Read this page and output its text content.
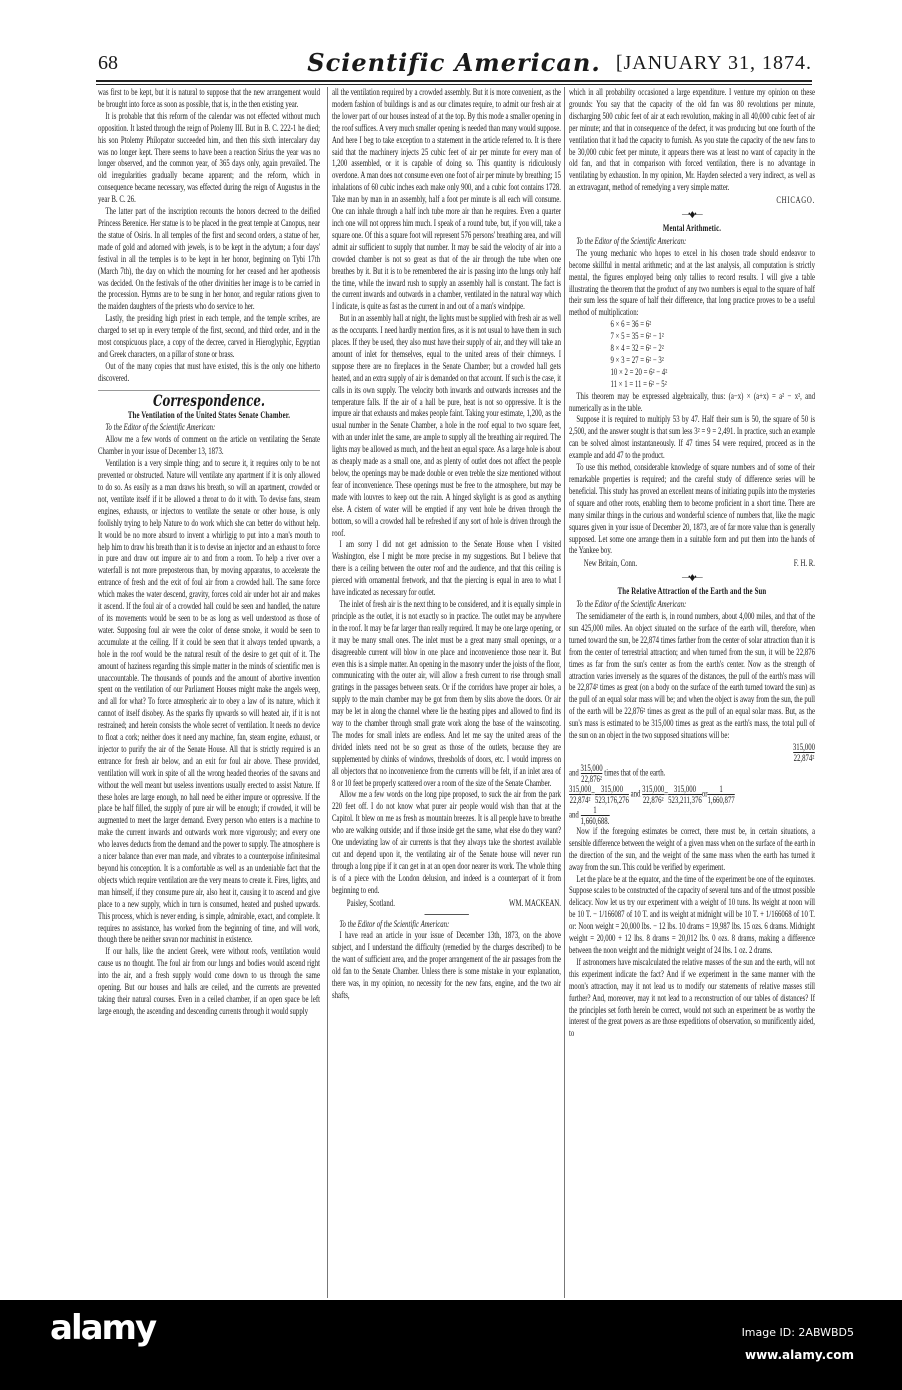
68	Scientific American. [JANUARY 31, 1874.

was first to be kept, but it is natural to suppose that the new arrangement would be brought into force as soon as possible, that is, in the then existing year.

It is probable that this reform of the calendar was not effected without much opposition. It lasted through the reign of Ptolemy III. But in B. C. 222-1 he died; his son Ptolemy Philopator succeeded him, and then this sixth intercalary day was no longer kept. There seems to have been a reaction Sirius the year was no longer observed, and the common year, of 365 days only, again prevailed. The old irregularities gradually became apparent; and the reform, which in consequence became necessary, was effected during the reign of Augustus in the year B. C. 26.

The latter part of the inscription recounts the honors decreed to the deified Princess Berenice. Her statue is to be placed in the great temple at Canopus, near the statue of Osiris. In all temples of the first and second orders, a statue of her, made of gold and adorned with jewels, is to be kept in the adytum; a four days' festival in all the temples is to be kept in her honor, beginning on Tybi 17th (March 7th), the day on which the mourning for her ceased and her apotheosis was decided. On the festivals of the other divinities her image is to be carried in the procession. Hymns are to be sung in her honor, and regular rations given to the maiden daughters of the priests who do service to her.

Lastly, the presiding high priest in each temple, and the temple scribes, are charged to set up in every temple of the first, second, and third order, and in the most conspicuous place, a copy of the decree, carved in Hieroglyphic, Egyptian and Greek characters, on a pillar of stone or brass.

Out of the many copies that must have existed, this is the only one hitherto discovered.

Correspondence.
The Ventilation of the United States Senate Chamber.

To the Editor of the Scientific American:

Allow me a few words of comment on the article on ventilating the Senate Chamber in your issue of December 13, 1873.

Ventilation is a very simple thing; and to secure it, it requires only to be not prevented or obstructed. Nature will ventilate any apartment if it is only allowed to do so. As easily as a man draws his breath, so will an apartment, crowded or not, ventilate itself if it be allowed a throat to do it with. To devise fans, steam engines, exhausts, or injectors to ventilate the senate or other house, is only foolishly trying to help Nature to do work which she can better do without help. It would be no more absurd to invent a whirligig to put into a man's mouth to help him to draw his breath than it is to devise an injector and an exhaust to force in pure and draw out impure air to and from a room. To help a river over a waterfall is not more preposterous than, by moving apparatus, to accelerate the entrance of fresh and the exit of foul air from a crowded hall. The same force which makes the water descend, gravity, forces cold air under hot air and makes it ascend. If the foul air of a crowded hall could be seen and handled, the nature of its movements would be seen to be as long as well understood as those of water. Supposing foul air were the color of dense smoke, it would be seen to accumulate at the ceiling. If it could be seen that it always tended upwards, a hole in the roof would be the natural result of the desire to get quit of it. The amount of haziness regarding this simple matter in the minds of scientific men is unaccountable. The thousands of pounds and the amount of abortive invention spent on the ventilation of our Parliament Houses might make the angels weep, and all for what? To force atmospheric air to obey a law of its nature, which it cannot of itself disobey. As the sparks fly upwards so will heated air, if it is not restrained; and herein consists the whole secret of ventilation. It needs no device to float a cork; neither does it need any machine, fan, steam engine, exhaust, or injector to purify the air of the Senate House. All that is strictly required is an entrance for fresh air below, and an exit for foul air above. These provided, ventilation will work in spite of all the wrong headed theories of the savans and without the well meant but useless inventions usually erected to assist Nature. If these holes are large enough, no hall need be either impure or oppressive. If the place be half filled, the supply of pure air will be enough; if crowded, it will be augmented to meet the larger demand. Every person who enters is a machine to make the current inwards and outwards work more vigorously; and every one who leaves deducts from the demand and the power to supply. The atmosphere is a nicer balance than ever man made, and vibrates to a counterpoise infinitesimal beyond his conception. It is a comfortable as well as an undeniable fact that the objects which require ventilation are the very means to create it. Fires, lights, and man himself, if they consume pure air, also heat it, causing it to ascend and give place to a new supply, which in turn is consumed, heated and pushed upwards. This process, which is never ending, is simple, admirable, exact, and complete. It requires no assistance, has worked from the beginning of time, and will work, though there be neither savan nor machinist in existence.

If our halls, like the ancient Greek, were without roofs, ventilation would cause us no thought. The foul air from our lungs and bodies would ascend right into the air, and a fresh supply would come down to us through the same opening. But our houses and halls are ceiled, and the currents are prevented taking their natural courses. Even in a ceiled chamber, if an open space be left large enough, the ascending and descending currents through it would supply

all the ventilation required by a crowded assembly. But it is more convenient, as the modern fashion of buildings is and as our climates require, to admit our fresh air at the lower part of our houses instead of at the top. By this mode a smaller opening in the roof suffices. A very much smaller opening is needed than many would suppose. And here I beg to take exception to a statement in the article referred to. It is there said that the machinery injects 25 cubic feet of air per minute for every man of 1,200 assembled, or it is capable of doing so. This quantity is ridiculously overdone. A man does not consume even one foot of air per minute by breathing; 15 inhalations of 60 cubic inches each make only 900, and a cubic foot contains 1728. Take man by man in an assembly, half a foot per minute is all each will consume. One can inhale through a half inch tube more air than he requires. Even a quarter inch one will not oppress him much. I speak of a round tube, but, if you will, take a square one. Of this a square foot will represent 576 persons' breathing area, and will admit air sufficient to supply that number. It may be said the velocity of air into a crowded chamber is not so great as that of the air through the tube when one breathes by it. But it is to be remembered the air is passing into the lungs only half the time, while the inward rush to supply an assembly hall is constant. The fact is the current inwards and outwards in a chamber, ventilated in the natural way which I indicate, is quite as fast as the current in and out of a man's windpipe.

But in an assembly hall at night, the lights must be supplied with fresh air as well as the occupants. I need hardly mention fires, as it is not usual to have them in such places. If they be used, they also must have their supply of air, and they will take an amount of inlet for themselves, equal to the united areas of their chimneys. I suppose there are no fireplaces in the Senate Chamber; but a crowded hall gets heated, and an extra supply of air is demanded on that account. If such is the case, it calls in its own supply. The velocity both inwards and outwards increases and the temperature falls. If the air of a hall be pure, heat is not so oppressive. It is the impure air that exhausts and makes people faint. Taking your estimate, 1,200, as the usual number in the Senate Chamber, a hole in the roof equal to two square feet, with an under inlet the same, are ample to supply all the breathing air required. The lights may be allowed as much, and the heat an equal space. As a large hole is about as cheaply made as a small one, and as plenty of outlet does not affect the people below, the openings may be made double or even treble the size mentioned without fear of inconvenience. These openings must be free to the atmosphere, but may be made with louvres to keep out the rain. A hinged skylight is as good as anything else. A cistern of water will be emptied if any vent hole be driven through the bottom, so will a crowded hall be refreshed if any sort of hole is driven through the roof.

I am sorry I did not get admission to the Senate House when I visited Washington, else I might be more precise in my suggestions. But I believe that there is a ceiling between the outer roof and the audience, and that this ceiling is pierced with ornamental fretwork, and that the piercing is equal in area to what I have indicated as necessary for outlet.

The inlet of fresh air is the next thing to be considered, and it is equally simple in principle as the outlet, it is not exactly so in practice. The outlet may be anywhere in the roof. It may be far larger than really required. It may be one large opening, or it may be many small ones. The inlet must be a great many small openings, or a disagreeable current will blow in one place and inconvenience those near it. But even this is a simple matter. An opening in the masonry under the joists of the floor, communicating with the outer air, will allow a fresh current to rise through small gratings in the passages between seats. Or if the corridors have proper air holes, a supply to the main chamber may be got from them by slits above the doors. Or air may be let in along the channel where lie the heating pipes and allowed to find its way to the chamber through small grate work along the base of the wainscoting. The modes for small inlets are endless. And let me say the united areas of the divided inlets need not be so great as those of the outlets, because they are supplemented by chinks of windows, thresholds of doors, etc. I would impress on all objectors that no inconvenience from the currents will be felt, if an inlet area of 8 or 10 feet be properly scattered over a room of the size of the Senate Chamber.

Allow me a few words on the long pipe proposed, to suck the air from the park 220 feet off. I do not know what purer air people would wish than that at the Capitol. It blew on me as fresh as mountain breezes. It is all people have to breathe who are walking outside; and if those inside get the same, what else do they want? One undeviating law of air currents is that they always take the shortest available cut and depend upon it, the ventilating air of the Senate house will never run through a long pipe if it can get in at an open door nearer its work. The whole thing is of a piece with the London delusion, and indeed is a counterpart of it from beginning to end.

Paisley, Scotland.	WM. MACKEAN.

To the Editor of the Scientific American:

I have read an article in your issue of December 13th, 1873, on the above subject, and I understand the difficulty (remedied by the charges described) to be the want of sufficient area, and the proper arrangement of the air passages from the old fan to the Senate Chamber. Unless there is some mistake in your explanation, there was, in my opinion, no necessity for the new fans, engine, and the two air shafts,

which in all probability occasioned a large expenditure. I venture my opinion on these grounds: You say that the capacity of the old fan was 80 revolutions per minute, discharging 500 cubic feet of air at each revolution, making in all 40,000 cubic feet of air per minute; and that in consequence of the defect, it was producing but one fourth of the ventilation that it had the capacity to furnish. As you state the capacity of the new fans to be 30,000 cubic feet per minute, it appears there was at least no want of capacity in the old fan, and that in comparison with forced ventilation, there is no advantage in ventilating by exhaustion. In my opinion, Mr. Hayden selected a very indirect, as well as an extravagant, method of remedying a very simple matter.

CHICAGO.
—•◆•—
Mental Arithmetic.

To the Editor of the Scientific American:

The young mechanic who hopes to excel in his chosen trade should endeavor to become skillful in mental arithmetic; and at the last analysis, all computation is strictly mental, the figures employed being only tallies to record results. I will give a table illustrating the theorem that the product of any two numbers is equal to the square of half their sum less the square of half their difference, that long practice proves to be a useful method of multiplication:

6 × 6 = 36 = 6²
7 × 5 = 35 = 6² − 1²
8 × 4 = 32 = 6² − 2²
9 × 3 = 27 = 6² − 3²
10 × 2 = 20 = 6² − 4²
11 × 1 = 11 = 6² − 5²

This theorem may be expressed algebraically, thus: (a−x) × (a+x) = a² − x², and numerically as in the table.

Suppose it is required to multiply 53 by 47. Half their sum is 50, the square of 50 is 2,500, and the answer sought is that sum less 3² = 9 = 2,491. In practice, such an example can be solved almost instantaneously. If 47 times 54 were required, proceed as in the example and add 47 to the product.

To use this method, considerable knowledge of square numbers and of some of their remarkable properties is required; and the careful study of difference series will be beneficial. This study has proved an excellent means of initiating pupils into the mysteries of square and other roots, enabling them to become proficient in a short time. There are many similar things in the curious and wonderful science of numbers that, like the magic squares given in your issue of December 20, 1873, are of far more value than is generally supposed. Let some one arrange them in a suitable form and put them into the hands of the Yankee boy.

New Britain, Conn.	F. H. R.
—•◆•—
The Relative Attraction of the Earth and the Sun

To the Editor of the Scientific American:

The semidiameter of the earth is, in round numbers, about 4,000 miles, and that of the sun 425,000 miles. An object situated on the surface of the earth will, therefore, when turned toward the sun, be 22,874 times farther from the center of solar attraction than it is from the center of terrestrial attraction; and when turned from the sun, it will be 22,876 times as far from the sun's center as from the earth's center. Now as the strength of attraction varies inversely as the squares of the distances, the pull of the earth's mass will be 22,874² times as great (on a body on the surface of the earth turned toward the sun) as the pull of an equal solar mass will be; and when the object is away from the sun, the pull of the earth will be 22,876² times as great as the pull of an equal solar mass. But, as the sun's mass is estimated to be 315,000 times as great as the earth's mass, the total pull of the sun on an object in the two supposed situations will be:

$\frac{315,000}{\text{22,874²}}$
and $\frac{315,000}{\text{22,876²}}$ times that of the earth.
$\frac{315,000}{\text{22,874²}} = \frac{315,000}{523,176,276}$ and $\frac{315,000}{\text{22,876²}} = \frac{315,000}{523,211,376}$ or $\frac{1}{1,660,877}$
and $\frac{1}{1,660,688.}$

Now if the foregoing estimates be correct, there must be, in certain situations, a sensible difference between the weight of a given mass when on the surface of the earth in the direction of the sun, and the weight of the same mass when the earth has turned it away from the sun. This could be verified by experiment.

Let the place be at the equator, and the time of the experiment be one of the equinoxes. Suppose scales to be constructed of the capacity of several tuns and of the utmost possible delicacy. Now let us try our experiment with a weight of 10 tuns. Its weight at noon will be 10 T. − 1/166087 of 10 T. and its weight at midnight will be 10 T. + 1/166068 of 10 T. or: Noon weight = 20,000 lbs. − 12 lbs. 10 drams = 19,987 lbs. 15 ozs. 6 drams. Midnight weight = 20,000 + 12 lbs. 8 drams = 20,012 lbs. 0 ozs. 8 drams, making a difference between the noon weight and the midnight weight of 24 lbs. 1 oz. 2 drams.

If astronomers have miscalculated the relative masses of the sun and the earth, will not this experiment indicate the fact? And if we experiment in the same manner with the moon's attraction, may it not lead us to modify our statements of relative masses still further? And, moreover, may it not lead to a reconstruction of our tables of distances? If the principles set forth herein be correct, would not such an experiment be as worthy the interest of the great powers as are those expeditions of observation, so munificently aided, to

alamy	Image ID: 2ABWBD5
www.alamy.com
